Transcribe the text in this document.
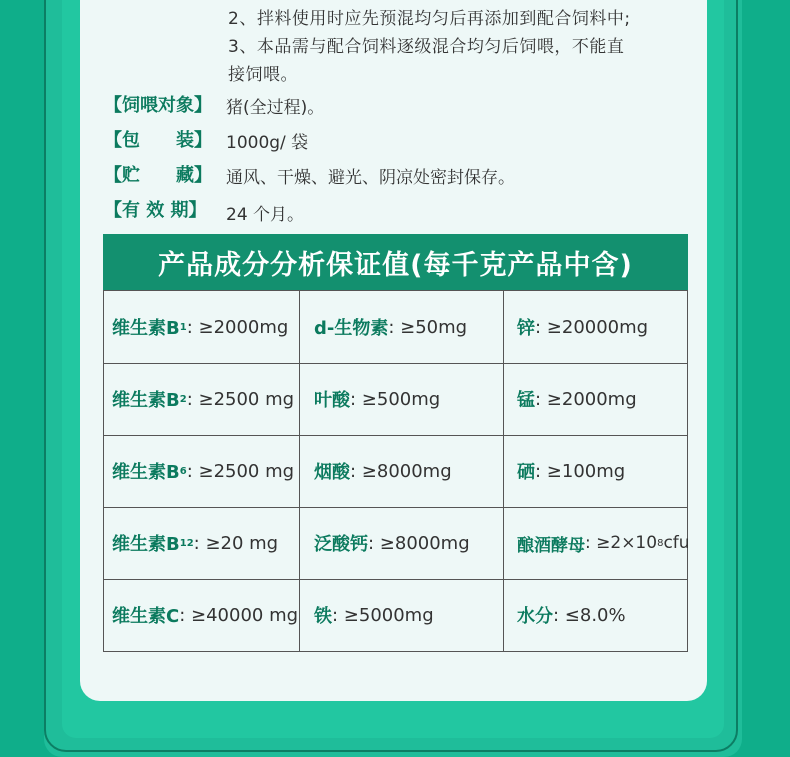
2、拌料使用时应先预混均匀后再添加到配合饲料中;
3、本品需与配合饲料逐级混合均匀后饲喂，不能直
接饲喂。
【饲喂对象】 猪(全过程)。
【包　　装】 1000g/ 袋
【贮　　藏】 通风、干燥、避光、阴凉处密封保存。
【有 效 期】 24 个月。
产品成分分析保证值(每千克产品中含)
维生素B 1 : ≥2000mg d-生物素 : ≥50mg	锌 : ≥20000mg
维生素B 2 : ≥2500 mg 叶酸 : ≥500mg	锰 : ≥2000mg
维生素B 6 : ≥2500 mg 烟酸 : ≥8000mg	硒 : ≥100mg
维生素B 12 : ≥20 mg 泛酸钙 : ≥8000mg	酿酒酵母 : ≥2×10 8 cfu
维生素C : ≥40000 mg 铁 : ≥5000mg	水分 : ≤8.0%
